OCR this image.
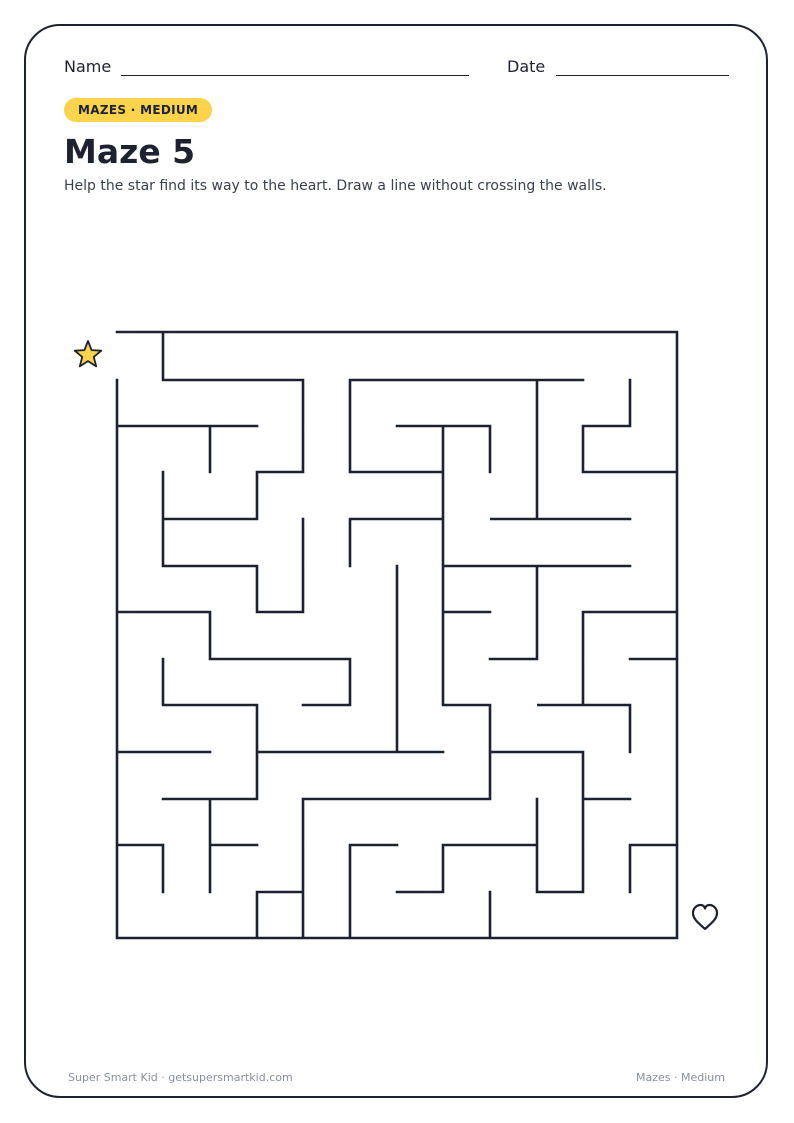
Name	Date
MAZES · MEDIUM
Maze 5

Help the star find its way to the heart. Draw a line without crossing the walls.

Super Smart Kid · getsupersmartkid.com	Mazes · Medium
